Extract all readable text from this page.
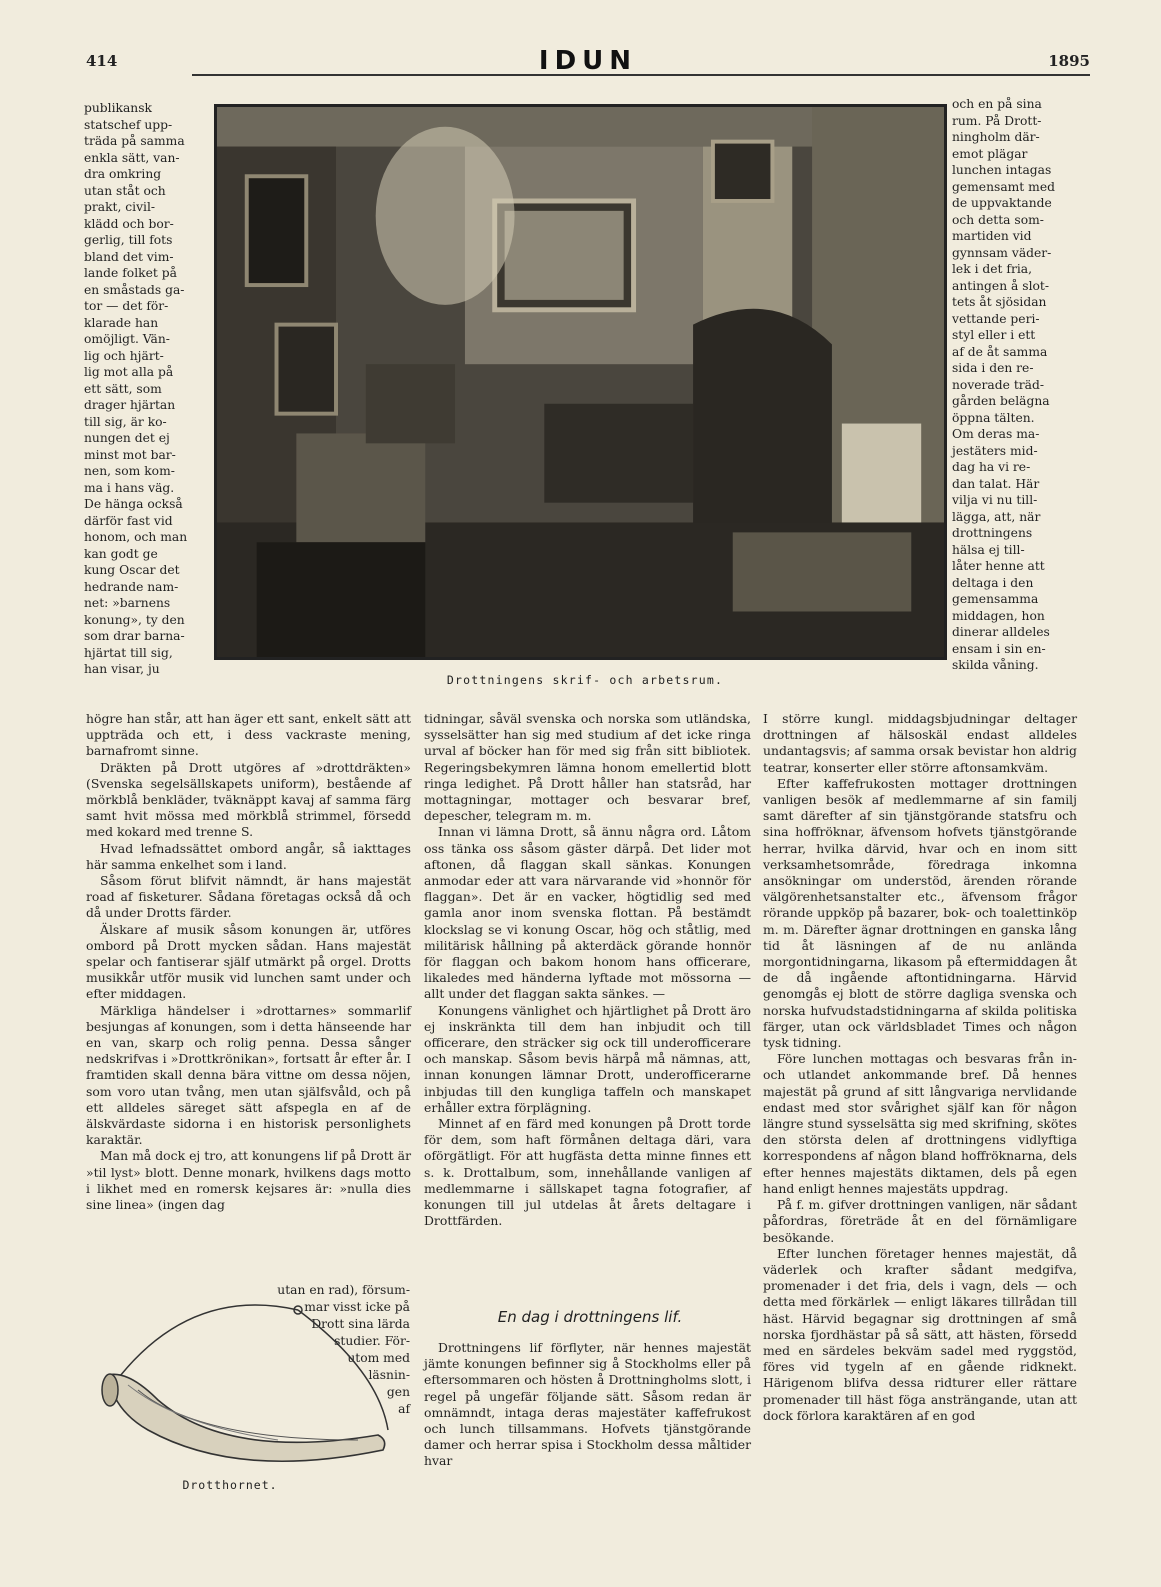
414	IDUN	1895
publikansk
statschef upp-
träda på samma
enkla sätt, van-
dra omkring
utan ståt och
prakt, civil-
klädd och bor-
gerlig, till fots
bland det vim-
lande folket på
en småstads ga-
tor — det för-
klarade han
omöjligt. Vän-
lig och hjärt-
lig mot alla på
ett sätt, som
drager hjärtan
till sig, är ko-
nungen det ej
minst mot bar-
nen, som kom-
ma i hans väg.
De hänga också
därför fast vid
honom, och man
kan godt ge
kung Oscar det
hedrande nam-
net: »barnens
konung», ty den
som drar barna-
hjärtat till sig,
han visar, ju
Drottningens skrif- och arbetsrum.
och en på sina
rum. På Drott-
ningholm där-
emot plägar
lunchen intagas
gemensamt med
de uppvaktande
och detta som-
martiden vid
gynnsam väder-
lek i det fria,
antingen å slot-
tets åt sjösidan
vettande peri-
styl eller i ett
af de åt samma
sida i den re-
noverade träd-
gården belägna
öppna tälten.
Om deras ma-
jestäters mid-
dag ha vi re-
dan talat. Här
vilja vi nu till-
lägga, att, när
drottningens
hälsa ej till-
låter henne att
deltaga i den
gemensamma
middagen, hon
dinerar alldeles
ensam i sin en-
skilda våning.

högre han står, att han äger ett sant, enkelt sätt att uppträda och ett, i dess vackraste mening, barnafromt sinne.

Dräkten på Drott utgöres af »drottdräkten» (Svenska segelsällskapets uniform), bestående af mörkblå benkläder, tväknäppt kavaj af samma färg samt hvit mössa med mörkblå strimmel, försedd med kokard med trenne S.

Hvad lefnadssättet ombord angår, så iakttages här samma enkelhet som i land.

Såsom förut blifvit nämndt, är hans majestät road af fisketurer. Sådana företagas också då och då under Drotts färder.

Älskare af musik såsom konungen är, utföres ombord på Drott mycken sådan. Hans majestät spelar och fantiserar själf utmärkt på orgel. Drotts musikkår utför musik vid lunchen samt under och efter middagen.

Märkliga händelser i »drottarnes» sommarlif besjungas af konungen, som i detta hänseende har en van, skarp och rolig penna. Dessa sånger nedskrifvas i »Drottkrönikan», fortsatt år efter år. I framtiden skall denna bära vittne om dessa nöjen, som voro utan tvång, men utan själfsvåld, och på ett alldeles säreget sätt afspegla en af de älskvärdaste sidorna i en historisk personlighets karaktär.

Man må dock ej tro, att konungens lif på Drott är »til lyst» blott. Denne monark, hvilkens dags motto i likhet med en romersk kejsares är: »nulla dies sine linea» (ingen dag

utan en rad), försum-
mar visst icke på
Drott sina lärda
studier. För-
utom med
läsnin-
gen
af
Drotthornet.

tidningar, såväl svenska och norska som utländska, sysselsätter han sig med studium af det icke ringa urval af böcker han för med sig från sitt bibliotek. Regeringsbekymren lämna honom emellertid blott ringa ledighet. På Drott håller han statsråd, har mottagningar, mottager och besvarar bref, depescher, telegram m. m.

Innan vi lämna Drott, så ännu några ord. Låtom oss tänka oss såsom gäster därpå. Det lider mot aftonen, då flaggan skall sänkas. Konungen anmodar eder att vara närvarande vid »honnör för flaggan». Det är en vacker, högtidlig sed med gamla anor inom svenska flottan. På bestämdt klockslag se vi konung Oscar, hög och ståtlig, med militärisk hållning på akterdäck görande honnör för flaggan och bakom honom hans officerare, likaledes med händerna lyftade mot mössorna — allt under det flaggan sakta sänkes. —

Konungens vänlighet och hjärtlighet på Drott äro ej inskränkta till dem han inbjudit och till officerare, den sträcker sig ock till underofficerare och manskap. Såsom bevis härpå må nämnas, att, innan konungen lämnar Drott, underofficerarne inbjudas till den kungliga taffeln och manskapet erhåller extra förplägning.

Minnet af en färd med konungen på Drott torde för dem, som haft förmånen deltaga däri, vara oförgätligt. För att hugfästa detta minne finnes ett s. k. Drottalbum, som, innehållande vanligen af medlemmarne i sällskapet tagna fotografier, af konungen till jul utdelas åt årets deltagare i Drottfärden.

En dag i drottningens lif.

Drottningens lif förflyter, när hennes majestät jämte konungen befinner sig å Stockholms eller på eftersommaren och hösten å Drottningholms slott, i regel på ungefär följande sätt. Såsom redan är omnämndt, intaga deras majestäter kaffefrukost och lunch tillsammans. Hofvets tjänstgörande damer och herrar spisa i Stockholm dessa måltider hvar

I större kungl. middagsbjudningar deltager drottningen af hälsoskäl endast alldeles undantagsvis; af samma orsak bevistar hon aldrig teatrar, konserter eller större aftonsamkväm.

Efter kaffefrukosten mottager drottningen vanligen besök af medlemmarne af sin familj samt därefter af sin tjänstgörande statsfru och sina hoffröknar, äfvensom hofvets tjänstgörande herrar, hvilka därvid, hvar och en inom sitt verksamhetsområde, föredraga inkomna ansökningar om understöd, ärenden rörande välgörenhetsanstalter etc., äfvensom frågor rörande uppköp på bazarer, bok- och toalettinköp m. m. Därefter ägnar drottningen en ganska lång tid åt läsningen af de nu anlända morgontidningarna, likasom på eftermiddagen åt de då ingående aftontidningarna. Härvid genomgås ej blott de större dagliga svenska och norska hufvudstadstidningarna af skilda politiska färger, utan ock världsbladet Times och någon tysk tidning.

Före lunchen mottagas och besvaras från in- och utlandet ankommande bref. Då hennes majestät på grund af sitt långvariga nervlidande endast med stor svårighet själf kan för någon längre stund sysselsätta sig med skrifning, skötes den största delen af drottningens vidlyftiga korrespondens af någon bland hoffröknarna, dels efter hennes majestäts diktamen, dels på egen hand enligt hennes majestäts uppdrag.

På f. m. gifver drottningen vanligen, när sådant påfordras, företräde åt en del förnämligare besökande.

Efter lunchen företager hennes majestät, då väderlek och krafter sådant medgifva, promenader i det fria, dels i vagn, dels — och detta med förkärlek — enligt läkares tillrådan till häst. Härvid begagnar sig drottningen af små norska fjordhästar på så sätt, att hästen, försedd med en särdeles bekväm sadel med ryggstöd, föres vid tygeln af en gående ridknekt. Härigenom blifva dessa ridturer eller rättare promenader till häst föga ansträngande, utan att dock förlora karaktären af en god
